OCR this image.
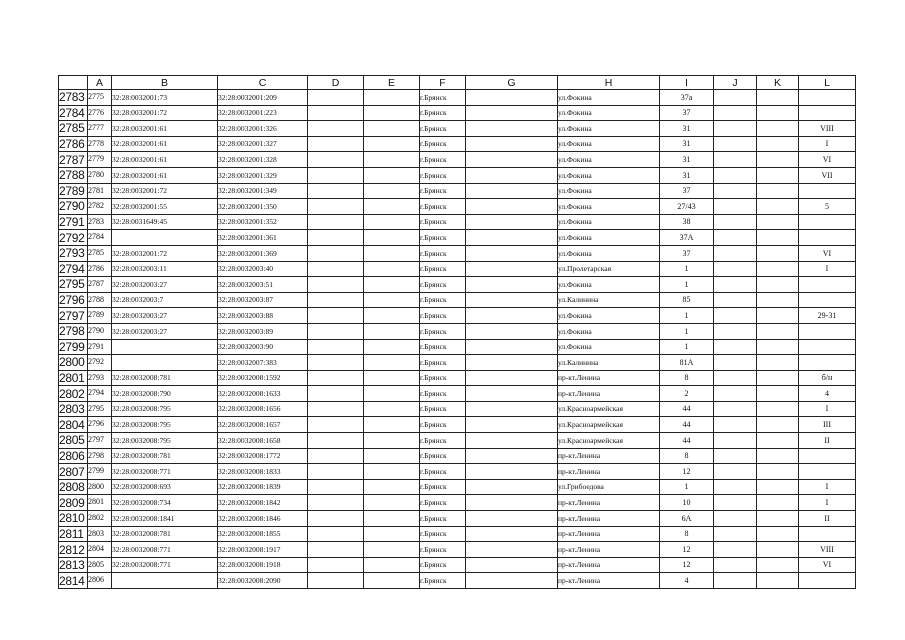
	A	B	C	D	E	F	G	H	I	J	K	L
2783	2775	32:28:0032001:73	32:28:0032001:209			г.Брянск		ул.Фокина	37а			
2784	2776	32:28:0032001:72	32:28:0032001:223			г.Брянск		ул.Фокина	37			
2785	2777	32:28:0032001:61	32:28:0032001:326			г.Брянск		ул.Фокина	31			VIII
2786	2778	32:28:0032001:61	32:28:0032001:327			г.Брянск		ул.Фокина	31			I
2787	2779	32:28:0032001:61	32:28:0032001:328			г.Брянск		ул.Фокина	31			VI
2788	2780	32:28:0032001:61	32:28:0032001:329			г.Брянск		ул.Фокина	31			VII
2789	2781	32:28:0032001:72	32:28:0032001:349			г.Брянск		ул.Фокина	37			
2790	2782	32:28:0032001:55	32:28:0032001:350			г.Брянск		ул.Фокина	27/43			5
2791	2783	32:28:0031649:45	32:28:0032001:352			г.Брянск		ул.Фокина	38			
2792	2784		32:28:0032001:361			г.Брянск		ул.Фокина	37А			
2793	2785	32:28:0032001:72	32:28:0032001:369			г.Брянск		ул.Фокина	37			VI
2794	2786	32:28:0032003:11	32:28:0032003:40			г.Брянск		ул.Пролетарская	1			I
2795	2787	32:28:0032003:27	32:28:0032003:51			г.Брянск		ул.Фокина	1			
2796	2788	32:28:0032003:7	32:28:0032003:87			г.Брянск		ул.Калинина	85			
2797	2789	32:28:0032003:27	32:28:0032003:88			г.Брянск		ул.Фокина	1			29-31
2798	2790	32:28:0032003:27	32:28:0032003:89			г.Брянск		ул.Фокина	1			
2799	2791		32:28:0032003:90			г.Брянск		ул.Фокина	1			
2800	2792		32:28:0032007:383			г.Брянск		ул.Калинина	81А			
2801	2793	32:28:0032008:781	32:28:0032008:1592			г.Брянск		пр-кт.Ленина	8			б/н
2802	2794	32:28:0032008:790	32:28:0032008:1633			г.Брянск		пр-кт.Ленина	2			4
2803	2795	32:28:0032008:795	32:28:0032008:1656			г.Брянск		ул.Красноармейская	44			I
2804	2796	32:28:0032008:795	32:28:0032008:1657			г.Брянск		ул.Красноармейская	44			III
2805	2797	32:28:0032008:795	32:28:0032008:1658			г.Брянск		ул.Красноармейская	44			II
2806	2798	32:28:0032008:781	32:28:0032008:1772			г.Брянск		пр-кт.Ленина	8			
2807	2799	32:28:0032008:771	32:28:0032008:1833			г.Брянск		пр-кт.Ленина	12			
2808	2800	32:28:0032008:693	32:28:0032008:1839			г.Брянск		ул.Грибоедова	1			I
2809	2801	32:28:0032008:734	32:28:0032008:1842			г.Брянск		пр-кт.Ленина	10			I
2810	2802	32:28:0032008:1841	32:28:0032008:1846			г.Брянск		пр-кт.Ленина	6А			II
2811	2803	32:28:0032008:781	32:28:0032008:1855			г.Брянск		пр-кт.Ленина	8			
2812	2804	32:28:0032008:771	32:28:0032008:1917			г.Брянск		пр-кт.Ленина	12			VIII
2813	2805	32:28:0032008:771	32:28:0032008:1918			г.Брянск		пр-кт.Ленина	12			VI
2814	2806		32:28:0032008:2090			г.Брянск		пр-кт.Ленина	4			
